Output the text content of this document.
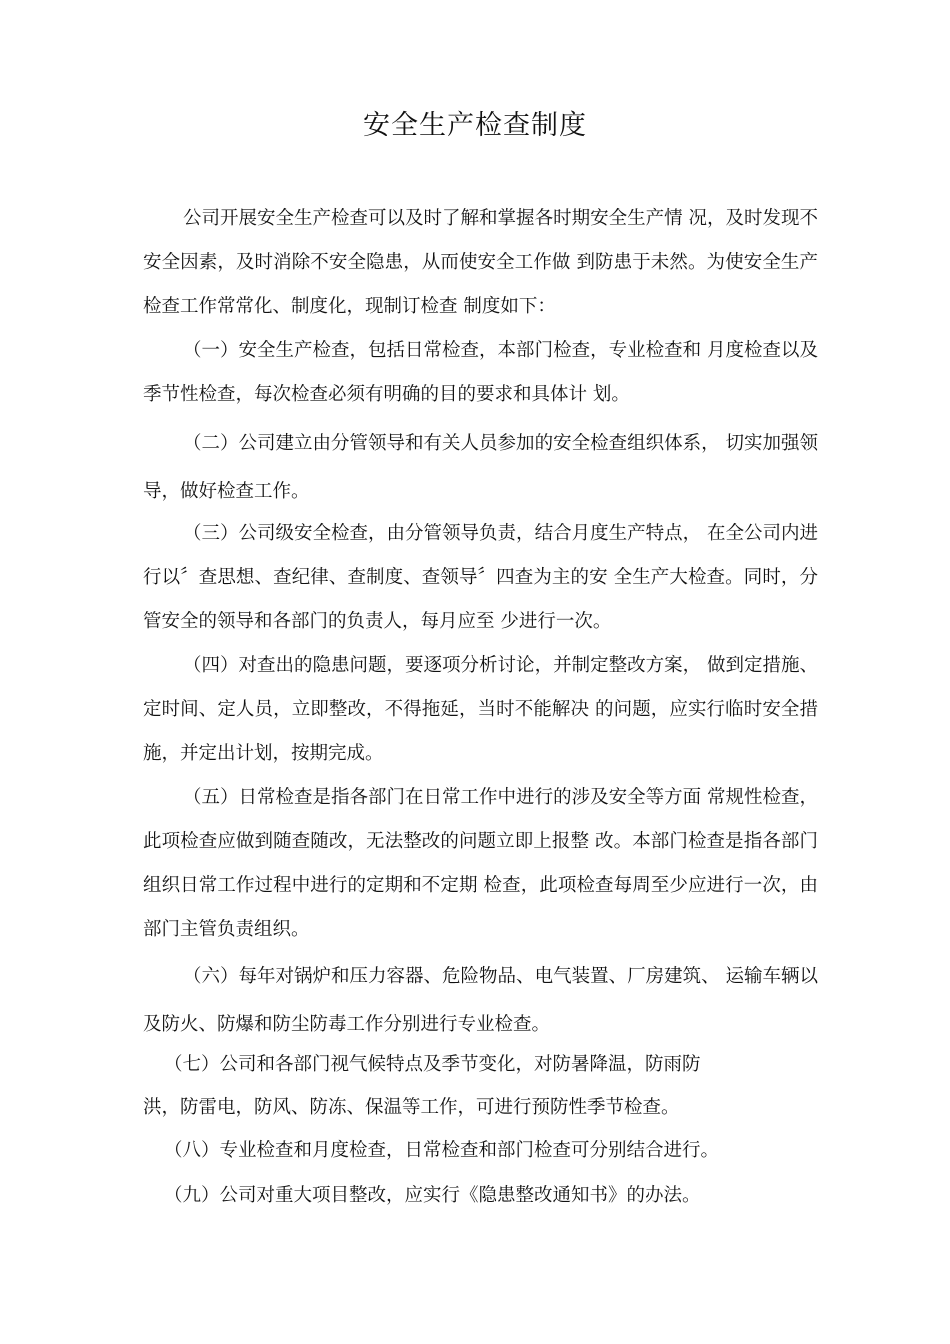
安全生产检查制度
公司开展安全生产检查可以及时了解和掌握各时期安全生产情 况，及时发现不安全因素，及时消除不安全隐患，从而使安全工作做 到防患于未然。为使安全生产检查工作常常化、制度化，现制订检查 制度如下：
（一）安全生产检查，包括日常检查，本部门检查，专业检查和 月度检查以及季节性检查，每次检查必须有明确的目的要求和具体计 划。
（二）公司建立由分管领导和有关人员参加的安全检查组织体系， 切实加强领导，做好检查工作。
（三）公司级安全检查，由分管领导负责，结合月度生产特点， 在全公司内进行以〞查思想、查纪律、查制度、查领导〞四查为主的安 全生产大检查。同时，分管安全的领导和各部门的负责人，每月应至 少进行一次。
（四）对查出的隐患问题，要逐项分析讨论，并制定整改方案， 做到定措施、定时间、定人员，立即整改，不得拖延，当时不能解决 的问题，应实行临时安全措施，并定出计划，按期完成。
（五）日常检查是指各部门在日常工作中进行的涉及安全等方面 常规性检查，此项检查应做到随查随改，无法整改的问题立即上报整 改。本部门检查是指各部门组织日常工作过程中进行的定期和不定期 检查，此项检查每周至少应进行一次，由部门主管负责组织。
（六）每年对锅炉和压力容器、危险物品、电气装置、厂房建筑、 运输车辆以及防火、防爆和防尘防毒工作分别进行专业检查。
（七）公司和各部门视气候特点及季节变化，对防暑降温，防雨防
洪，防雷电，防风、防冻、保温等工作，可进行预防性季节检查。
（八）专业检查和月度检查，日常检查和部门检查可分别结合进行。
（九）公司对重大项目整改，应实行《隐患整改通知书》的办法。
